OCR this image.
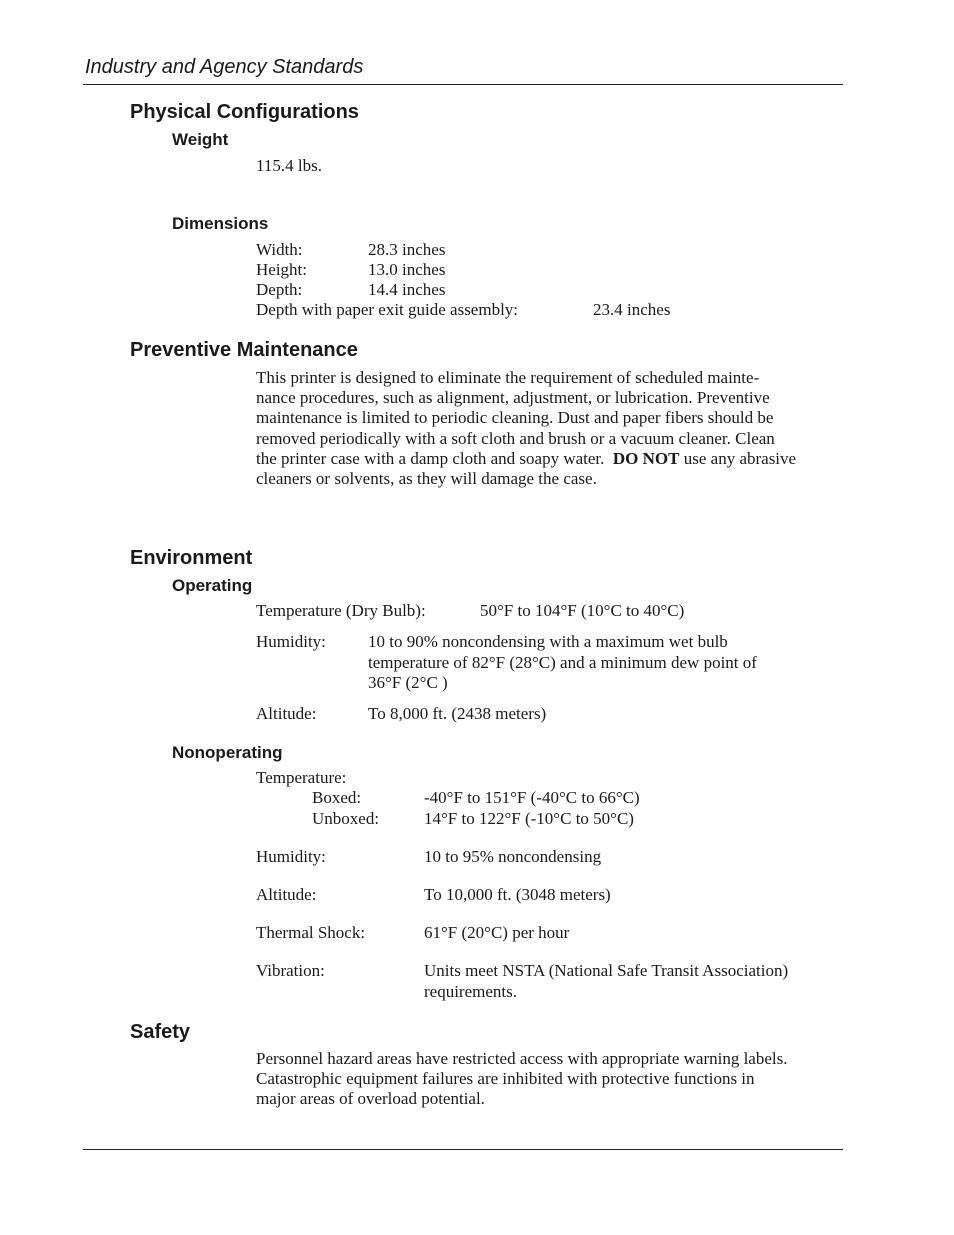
Industry and Agency Standards
Physical Configurations
Weight
115.4 lbs.
Dimensions
Width:	28.3 inches
Height:	13.0 inches
Depth:	14.4 inches
Depth with paper exit guide assembly:	23.4 inches
Preventive Maintenance
This printer is designed to eliminate the requirement of scheduled mainte-
nance procedures, such as alignment, adjustment, or lubrication. Preventive
maintenance is limited to periodic cleaning. Dust and paper fibers should be
removed periodically with a soft cloth and brush or a vacuum cleaner. Clean
the printer case with a damp cloth and soapy water.  DO NOT use any abrasive
cleaners or solvents, as they will damage the case.
Environment
Operating
Temperature (Dry Bulb):	50°F to 104°F (10°C to 40°C)
Humidity: 10 to 90% noncondensing with a maximum wet bulb
temperature of 82°F (28°C) and a minimum dew point of
36°F (2°C )
Altitude:	To 8,000 ft. (2438 meters)
Nonoperating
Temperature:
Boxed:	-40°F to 151°F (-40°C to 66°C)
Unboxed:	14°F to 122°F (-10°C to 50°C)
Humidity:	10 to 95% noncondensing
Altitude:	To 10,000 ft. (3048 meters)
Thermal Shock:	61°F (20°C) per hour
Vibration:	Units meet NSTA (National Safe Transit Association)
requirements.
Safety
Personnel hazard areas have restricted access with appropriate warning labels.
Catastrophic equipment failures are inhibited with protective functions in
major areas of overload potential.
